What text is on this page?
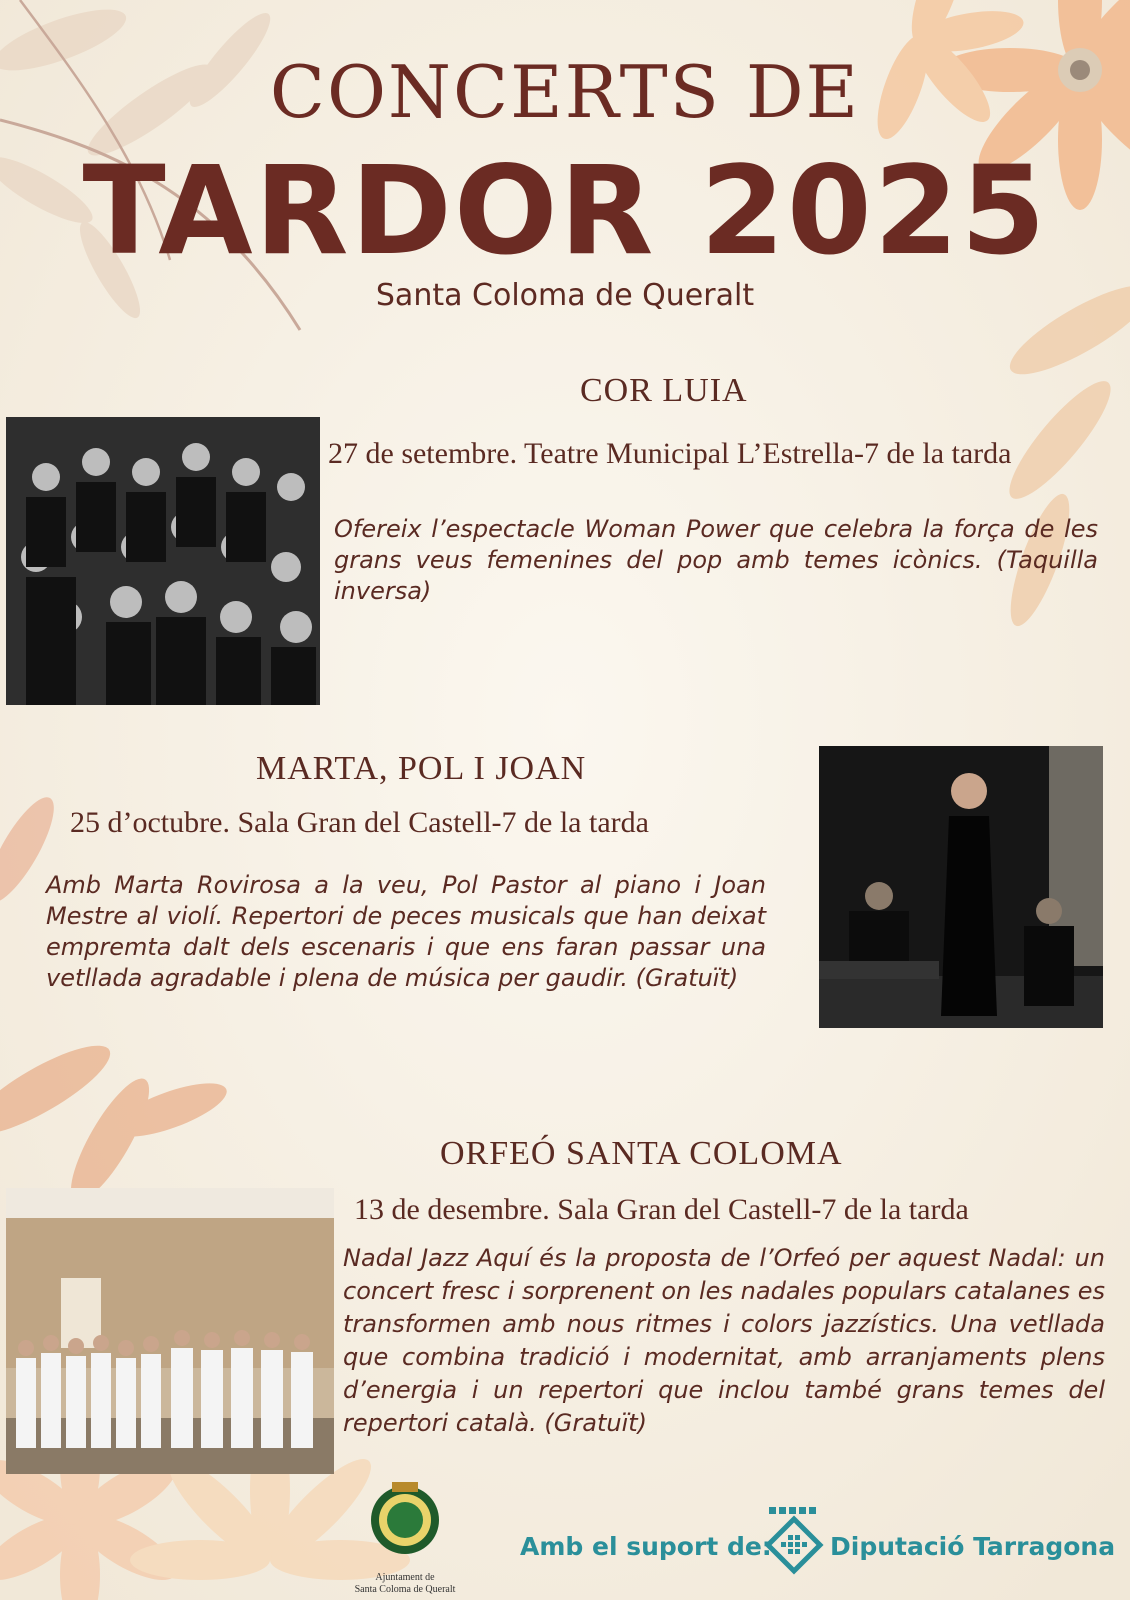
CONCERTS DE
TARDOR 2025
Santa Coloma de Queralt
COR LUIA
27 de setembre. Teatre Municipal L’Estrella-7 de la tarda
Ofereix l’espectacle Woman Power que celebra la força de les grans veus femenines del pop amb temes icònics. (Taquilla inversa)
MARTA, POL I JOAN
25 d’octubre. Sala Gran del Castell-7 de la tarda
Amb Marta Rovirosa a la veu, Pol Pastor al piano i Joan Mestre al violí. Repertori de peces musicals que han deixat empremta dalt dels escenaris i que ens faran passar una vetllada agradable i plena de música per gaudir. (Gratuït)
ORFEÓ SANTA COLOMA
13 de desembre. Sala Gran del Castell-7 de la tarda
Nadal Jazz Aquí és la proposta de l’Orfeó per aquest Nadal: un concert fresc i sorprenent on les nadales populars catalanes es transformen amb nous ritmes i colors jazzístics. Una vetllada que combina tradició i modernitat, amb arranjaments plens d’energia i un repertori que inclou també grans temes del repertori català. (Gratuït)
Ajuntament de
Santa Coloma de Queralt
Amb el suport de: Diputació Tarragona
